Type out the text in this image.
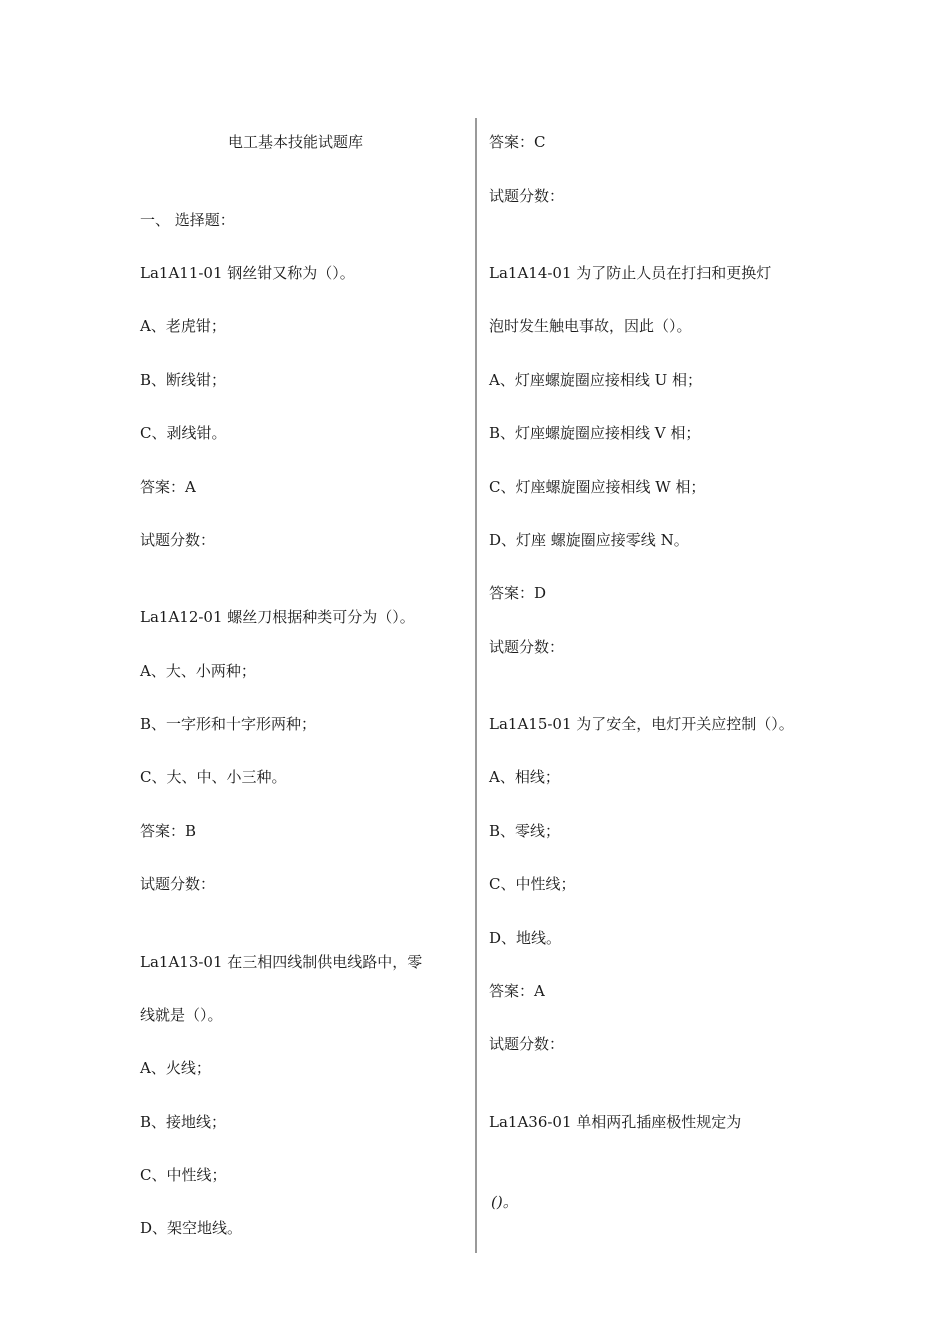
电工基本技能试题库
一、 选择题：
La1A11-01 钢丝钳又称为（）。
A、老虎钳；
B、断线钳；
C、剥线钳。
答案：A
试题分数：
La1A12-01 螺丝刀根据种类可分为（）。
A、大、小两种；
B、一字形和十字形两种；
C、大、中、小三种。
答案：B
试题分数：
La1A13-01 在三相四线制供电线路中，零
线就是（）。
A、火线；
B、接地线；
C、中性线；
D、架空地线。
答案：C
试题分数：
La1A14-01 为了防止人员在打扫和更换灯
泡时发生触电事故，因此（）。
A、灯座螺旋圈应接相线 U 相；
B、灯座螺旋圈应接相线 V 相；
C、灯座螺旋圈应接相线 W 相；
D、灯座 螺旋圈应接零线 N。
答案：D
试题分数：
La1A15-01 为了安全，电灯开关应控制（）。
A、相线；
B、零线；
C、中性线；
D、地线。
答案：A
试题分数：
La1A36-01 单相两孔插座极性规定为
()。
